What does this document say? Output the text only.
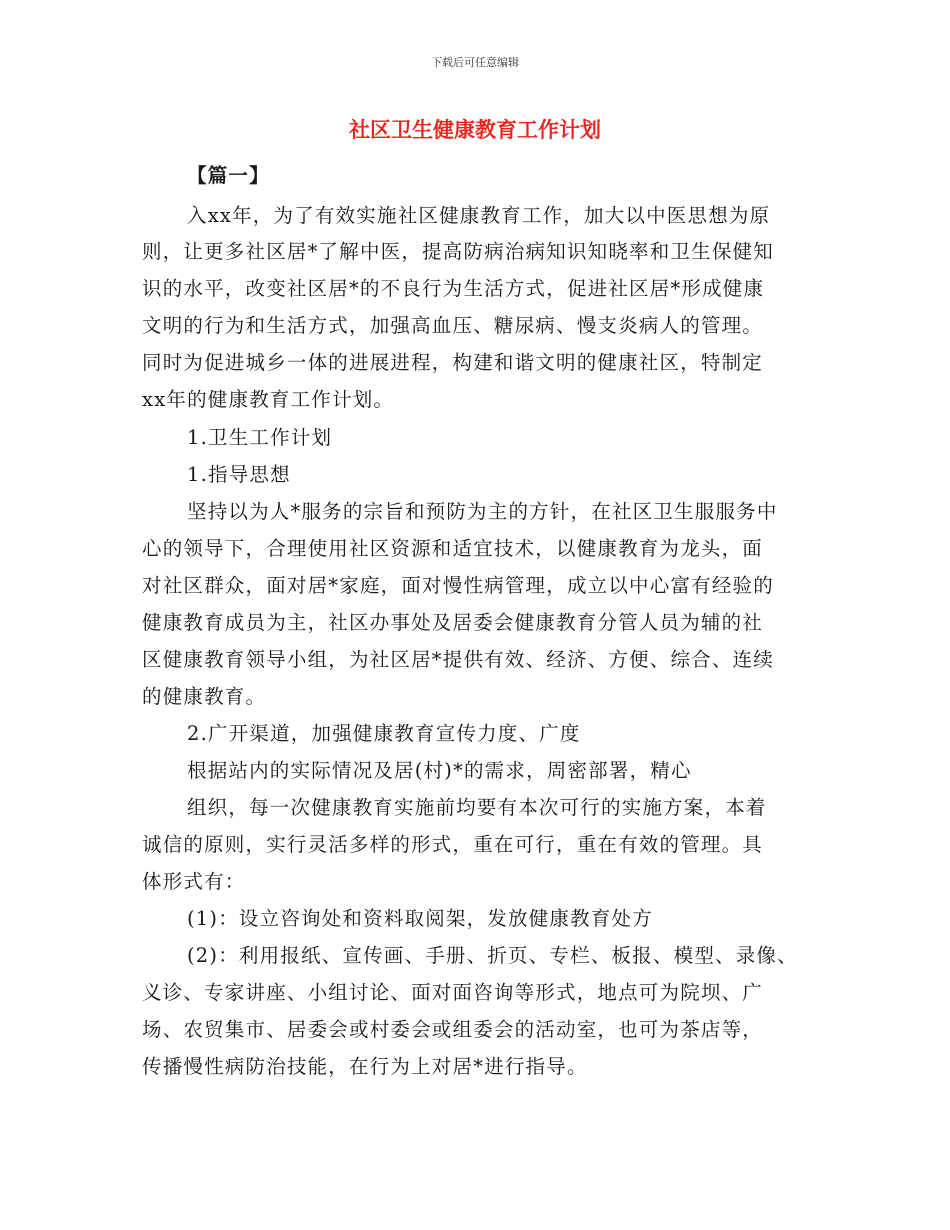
下载后可任意编辑
社区卫生健康教育工作计划
【篇一】
入xx年，为了有效实施社区健康教育工作，加大以中医思想为原
则，让更多社区居*了解中医，提高防病治病知识知晓率和卫生保健知
识的水平，改变社区居*的不良行为生活方式，促进社区居*形成健康
文明的行为和生活方式，加强高血压、糖尿病、慢支炎病人的管理。
同时为促进城乡一体的进展进程，构建和谐文明的健康社区，特制定
xx年的健康教育工作计划。
1.卫生工作计划
1.指导思想
坚持以为人*服务的宗旨和预防为主的方针，在社区卫生服服务中
心的领导下，合理使用社区资源和适宜技术，以健康教育为龙头，面
对社区群众，面对居*家庭，面对慢性病管理，成立以中心富有经验的
健康教育成员为主，社区办事处及居委会健康教育分管人员为辅的社
区健康教育领导小组，为社区居*提供有效、经济、方便、综合、连续
的健康教育。
2.广开渠道，加强健康教育宣传力度、广度
根据站内的实际情况及居(村)*的需求，周密部署，精心
组织，每一次健康教育实施前均要有本次可行的实施方案，本着
诚信的原则，实行灵活多样的形式，重在可行，重在有效的管理。具
体形式有：
(1)：设立咨询处和资料取阅架，发放健康教育处方
(2)：利用报纸、宣传画、手册、折页、专栏、板报、模型、录像、
义诊、专家讲座、小组讨论、面对面咨询等形式，地点可为院坝、广
场、农贸集市、居委会或村委会或组委会的活动室，也可为茶店等，
传播慢性病防治技能，在行为上对居*进行指导。
